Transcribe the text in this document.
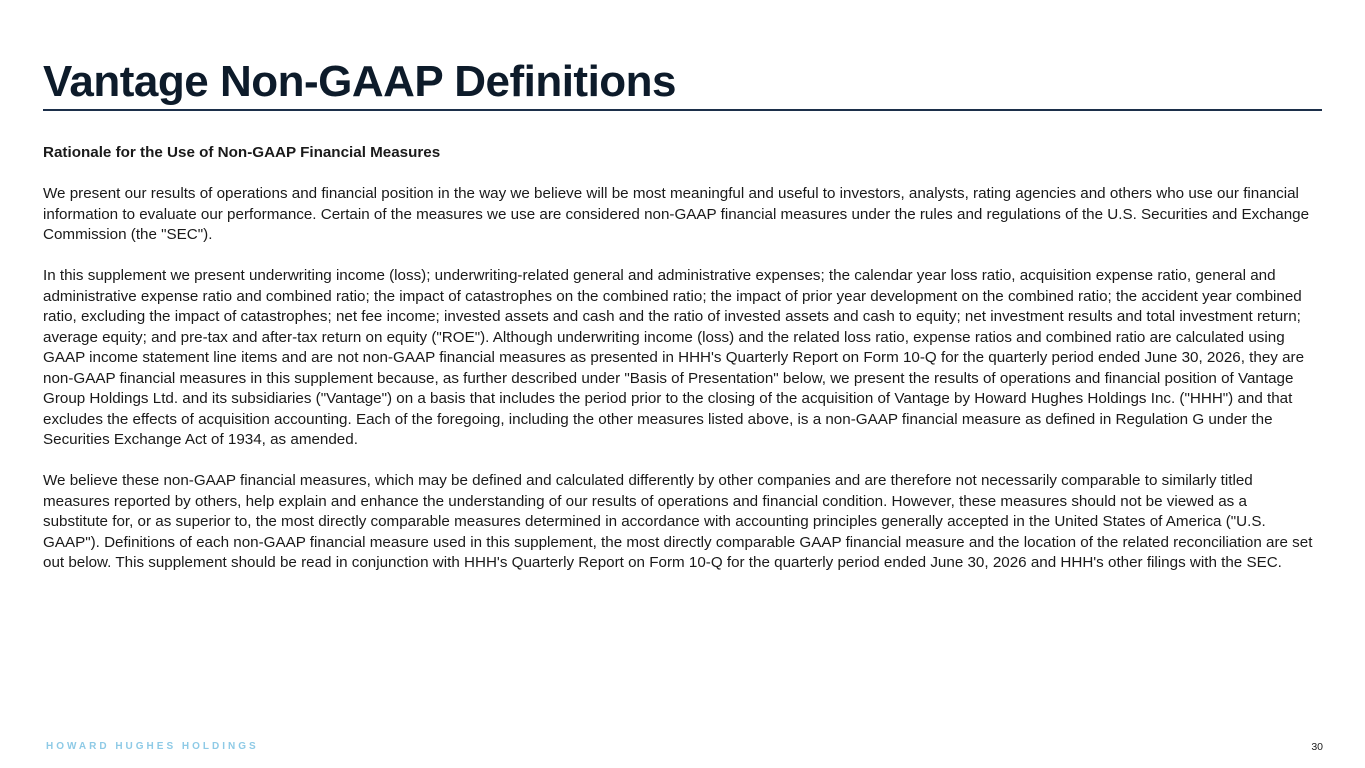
Vantage Non-GAAP Definitions

Rationale for the Use of Non-GAAP Financial Measures

We present our results of operations and financial position in the way we believe will be most meaningful and useful to investors, analysts, rating agencies and others who use our financial information to evaluate our performance. Certain of the measures we use are considered non-GAAP financial measures under the rules and regulations of the U.S. Securities and Exchange Commission (the "SEC").

In this supplement we present underwriting income (loss); underwriting-related general and administrative expenses; the calendar year loss ratio, acquisition expense ratio, general and administrative expense ratio and combined ratio; the impact of catastrophes on the combined ratio; the impact of prior year development on the combined ratio; the accident year combined ratio, excluding the impact of catastrophes; net fee income; invested assets and cash and the ratio of invested assets and cash to equity; net investment results and total investment return; average equity; and pre-tax and after-tax return on equity ("ROE"). Although underwriting income (loss) and the related loss ratio, expense ratios and combined ratio are calculated using GAAP income statement line items and are not non-GAAP financial measures as presented in HHH's Quarterly Report on Form 10-Q for the quarterly period ended June 30, 2026, they are non-GAAP financial measures in this supplement because, as further described under "Basis of Presentation" below, we present the results of operations and financial position of Vantage Group Holdings Ltd. and its subsidiaries ("Vantage") on a basis that includes the period prior to the closing of the acquisition of Vantage by Howard Hughes Holdings Inc. ("HHH") and that excludes the effects of acquisition accounting. Each of the foregoing, including the other measures listed above, is a non-GAAP financial measure as defined in Regulation G under the Securities Exchange Act of 1934, as amended.

We believe these non-GAAP financial measures, which may be defined and calculated differently by other companies and are therefore not necessarily comparable to similarly titled measures reported by others, help explain and enhance the understanding of our results of operations and financial condition. However, these measures should not be viewed as a substitute for, or as superior to, the most directly comparable measures determined in accordance with accounting principles generally accepted in the United States of America ("U.S. GAAP"). Definitions of each non-GAAP financial measure used in this supplement, the most directly comparable GAAP financial measure and the location of the related reconciliation are set out below. This supplement should be read in conjunction with HHH's Quarterly Report on Form 10-Q for the quarterly period ended June 30, 2026 and HHH's other filings with the SEC.

HOWARD HUGHES HOLDINGS	30
